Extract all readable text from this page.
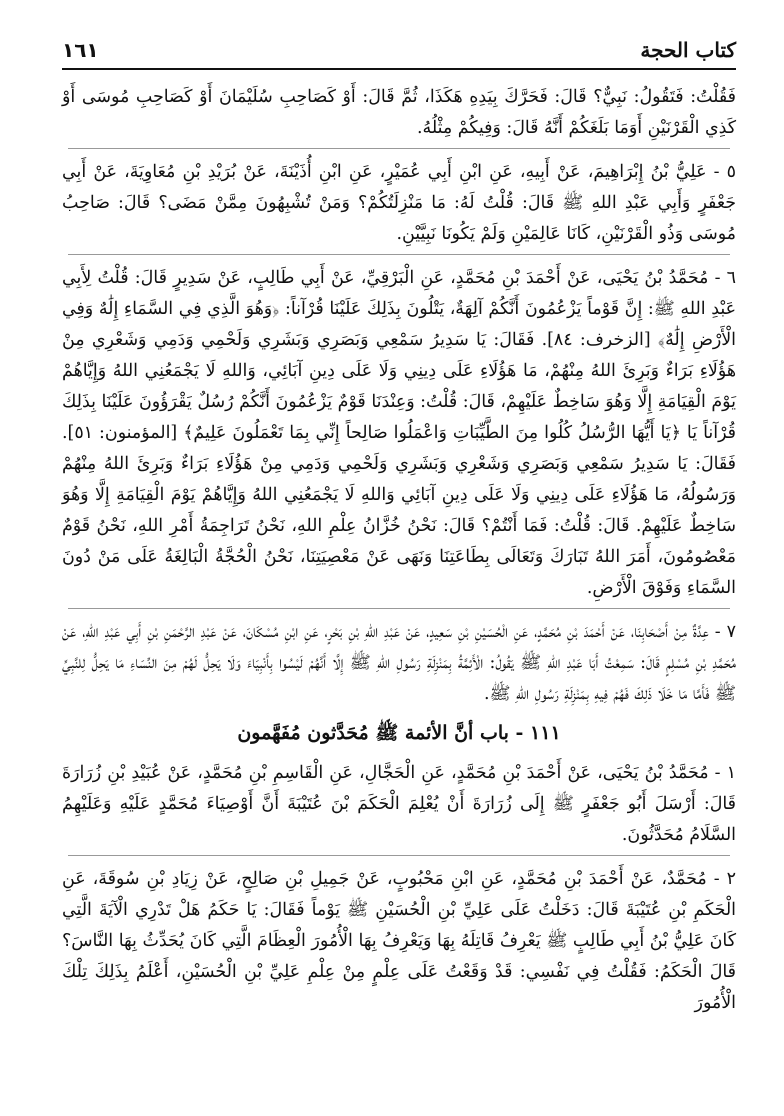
كتاب الحجة
١٦١

فَقُلْتُ: فَتَقُولُ: نَبِيٌّ؟ قَالَ: فَحَرَّكَ بِيَدِهِ هَكَذَا، ثُمَّ قَالَ: أَوْ كَصَاحِبِ سُلَيْمَانَ أَوْ كَصَاحِبِ مُوسَى أَوْ كَذِي الْقَرْنَيْنِ أَوَمَا بَلَغَكُمْ أَنَّهُ قَالَ: وَفِيكُمْ مِثْلُهُ.

٥ - عَلِيُّ بْنُ إِبْرَاهِيمَ، عَنْ أَبِيهِ، عَنِ ابْنِ أَبِي عُمَيْرٍ، عَنِ ابْنِ أُذَيْنَةَ، عَنْ بُرَيْدِ بْنِ مُعَاوِيَةَ، عَنْ أَبِي جَعْفَرٍ وَأَبِي عَبْدِ اللهِ ﷺ قَالَ: قُلْتُ لَهُ: مَا مَنْزِلَتُكُمْ؟ وَمَنْ تُشْبِهُونَ مِمَّنْ مَضَى؟ قَالَ: صَاحِبُ مُوسَى وَذُو الْقَرْنَيْنِ، كَانَا عَالِمَيْنِ وَلَمْ يَكُونَا نَبِيَّيْنِ.

٦ - مُحَمَّدُ بْنُ يَحْيَى، عَنْ أَحْمَدَ بْنِ مُحَمَّدٍ، عَنِ الْبَرْقِيِّ، عَنْ أَبِي طَالِبٍ، عَنْ سَدِيرٍ قَالَ: قُلْتُ لِأَبِي عَبْدِ اللهِ ﷺ: إِنَّ قَوْماً يَزْعُمُونَ أَنَّكُمْ آلِهَةٌ، يَتْلُونَ بِذَلِكَ عَلَيْنَا قُرْآناً: ﴿وَهُوَ الَّذِي فِي السَّمَاءِ إِلَٰهٌ وَفِي الْأَرْضِ إِلَٰهٌ﴾ [الزخرف: ٨٤]. فَقَالَ: يَا سَدِيرُ سَمْعِي وَبَصَرِي وَبَشَرِي وَلَحْمِي وَدَمِي وَشَعْرِي مِنْ هَؤُلَاءِ بَرَاءٌ وَبَرِئَ اللهُ مِنْهُمْ، مَا هَؤُلَاءِ عَلَى دِينِي وَلَا عَلَى دِينِ آبَائِي، وَاللهِ لَا يَجْمَعُنِي اللهُ وَإِيَّاهُمْ يَوْمَ الْقِيَامَةِ إِلَّا وَهُوَ سَاخِطٌ عَلَيْهِمْ، قَالَ: قُلْتُ: وَعِنْدَنَا قَوْمٌ يَزْعُمُونَ أَنَّكُمْ رُسُلٌ يَقْرَؤُونَ عَلَيْنَا بِذَلِكَ قُرْآناً يَا ﴿يَا أَيُّهَا الرُّسُلُ كُلُوا مِنَ الطَّيِّبَاتِ وَاعْمَلُوا صَالِحاً إِنِّي بِمَا تَعْمَلُونَ عَلِيمٌ﴾ [المؤمنون: ٥١]. فَقَالَ: يَا سَدِيرُ سَمْعِي وَبَصَرِي وَشَعْرِي وَبَشَرِي وَلَحْمِي وَدَمِي مِنْ هَؤُلَاءِ بَرَاءٌ وَبَرِئَ اللهُ مِنْهُمْ وَرَسُولُهُ، مَا هَؤُلَاءِ عَلَى دِينِي وَلَا عَلَى دِينِ آبَائِي وَاللهِ لَا يَجْمَعُنِي اللهُ وَإِيَّاهُمْ يَوْمَ الْقِيَامَةِ إِلَّا وَهُوَ سَاخِطٌ عَلَيْهِمْ. قَالَ: قُلْتُ: فَمَا أَنْتُمْ؟ قَالَ: نَحْنُ خُزَّانُ عِلْمِ اللهِ، نَحْنُ تَرَاجِمَةُ أَمْرِ اللهِ، نَحْنُ قَوْمٌ مَعْصُومُونَ، أَمَرَ اللهُ تَبَارَكَ وَتَعَالَى بِطَاعَتِنَا وَنَهَى عَنْ مَعْصِيَتِنَا، نَحْنُ الْحُجَّةُ الْبَالِغَةُ عَلَى مَنْ دُونَ السَّمَاءِ وَفَوْقَ الْأَرْضِ.

٧ - عِدَّةٌ مِنْ أَصْحَابِنَا، عَنْ أَحْمَدَ بْنِ مُحَمَّدٍ، عَنِ الْحُسَيْنِ بْنِ سَعِيدٍ، عَنْ عَبْدِ اللهِ بْنِ بَحْرٍ، عَنِ ابْنِ مُسْكَانَ، عَنْ عَبْدِ الرَّحْمَنِ بْنِ أَبِي عَبْدِ اللهِ، عَنْ مُحَمَّدِ بْنِ مُسْلِمٍ قَالَ: سَمِعْتُ أَبَا عَبْدِ اللهِ ﷺ يَقُولُ: الْأَئِمَّةُ بِمَنْزِلَةِ رَسُولِ اللهِ ﷺ إِلَّا أَنَّهُمْ لَيْسُوا بِأَنْبِيَاءَ وَلَا يَحِلُّ لَهُمْ مِنَ النِّسَاءِ مَا يَحِلُّ لِلنَّبِيِّ ﷺ فَأَمَّا مَا خَلَا ذَلِكَ فَهُمْ فِيهِ بِمَنْزِلَةِ رَسُولِ اللهِ ﷺ.

١١١ - باب أنَّ الأئمة ﷺ مُحَدَّثون مُفَهَّمون

١ - مُحَمَّدُ بْنُ يَحْيَى، عَنْ أَحْمَدَ بْنِ مُحَمَّدٍ، عَنِ الْحَجَّالِ، عَنِ الْقَاسِمِ بْنِ مُحَمَّدٍ، عَنْ عُبَيْدِ بْنِ زُرَارَةَ قَالَ: أَرْسَلَ أَبُو جَعْفَرٍ ﷺ إِلَى زُرَارَةَ أَنْ يُعْلِمَ الْحَكَمَ بْنَ عُتَيْبَةَ أَنَّ أَوْصِيَاءَ مُحَمَّدٍ عَلَيْهِ وَعَلَيْهِمُ السَّلَامُ مُحَدَّثُونَ.

٢ - مُحَمَّدٌ، عَنْ أَحْمَدَ بْنِ مُحَمَّدٍ، عَنِ ابْنِ مَحْبُوبٍ، عَنْ جَمِيلِ بْنِ صَالِحٍ، عَنْ زِيَادِ بْنِ سُوقَةَ، عَنِ الْحَكَمِ بْنِ عُتَيْبَةَ قَالَ: دَخَلْتُ عَلَى عَلِيِّ بْنِ الْحُسَيْنِ ﷺ يَوْماً فَقَالَ: يَا حَكَمُ هَلْ تَدْرِي الْآيَةَ الَّتِي كَانَ عَلِيُّ بْنُ أَبِي طَالِبٍ ﷺ يَعْرِفُ قَاتِلَهُ بِهَا وَيَعْرِفُ بِهَا الْأُمُورَ الْعِظَامَ الَّتِي كَانَ يُحَدِّثُ بِهَا النَّاسَ؟ قَالَ الْحَكَمُ: فَقُلْتُ فِي نَفْسِي: قَدْ وَقَعْتُ عَلَى عِلْمٍ مِنْ عِلْمِ عَلِيِّ بْنِ الْحُسَيْنِ، أَعْلَمُ بِذَلِكَ تِلْكَ الْأُمُورَ
